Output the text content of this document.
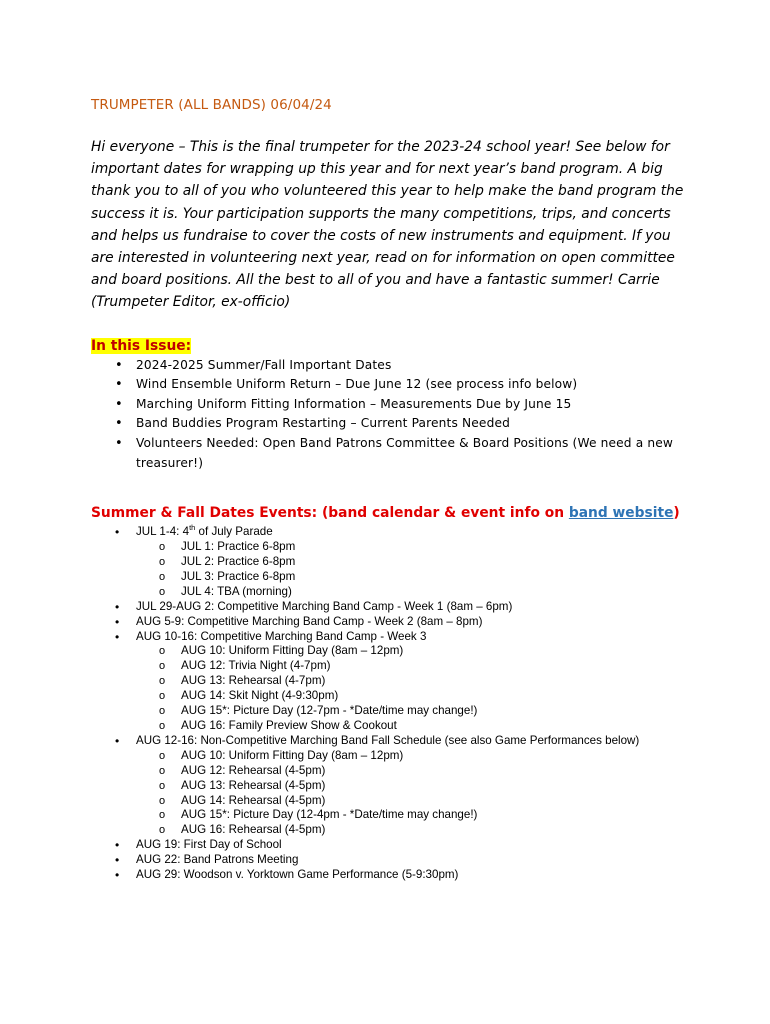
TRUMPETER (ALL BANDS) 06/04/24

Hi everyone – This is the final trumpeter for the 2023-24 school year! See below for important dates for wrapping up this year and for next year’s band program. A big thank you to all of you who volunteered this year to help make the band program the success it is. Your participation supports the many competitions, trips, and concerts and helps us fundraise to cover the costs of new instruments and equipment. If you are interested in volunteering next year, read on for information on open committee and board positions. All the best to all of you and have a fantastic summer! Carrie (Trumpeter Editor, ex-officio)
In this Issue:
• 2024-2025 Summer/Fall Important Dates
• Wind Ensemble Uniform Return – Due June 12 (see process info below)
• Marching Uniform Fitting Information – Measurements Due by June 15
• Band Buddies Program Restarting – Current Parents Needed
• Volunteers Needed: Open Band Patrons Committee & Board Positions (We need a new treasurer!)
Summer & Fall Dates Events: (band calendar & event info on band website)
• JUL 1-4: 4th of July Parade
o JUL 1: Practice 6-8pm
o JUL 2: Practice 6-8pm
o JUL 3: Practice 6-8pm
o JUL 4: TBA (morning)
• JUL 29-AUG 2: Competitive Marching Band Camp - Week 1 (8am – 6pm)
• AUG 5-9: Competitive Marching Band Camp - Week 2 (8am – 8pm)
• AUG 10-16: Competitive Marching Band Camp - Week 3
o AUG 10: Uniform Fitting Day (8am – 12pm)
o AUG 12: Trivia Night (4-7pm)
o AUG 13: Rehearsal (4-7pm)
o AUG 14: Skit Night (4-9:30pm)
o AUG 15*: Picture Day (12-7pm - *Date/time may change!)
o AUG 16: Family Preview Show & Cookout
• AUG 12-16: Non-Competitive Marching Band Fall Schedule (see also Game Performances below)
o AUG 10: Uniform Fitting Day (8am – 12pm)
o AUG 12: Rehearsal (4-5pm)
o AUG 13: Rehearsal (4-5pm)
o AUG 14: Rehearsal (4-5pm)
o AUG 15*: Picture Day (12-4pm - *Date/time may change!)
o AUG 16: Rehearsal (4-5pm)
• AUG 19: First Day of School
• AUG 22: Band Patrons Meeting
• AUG 29: Woodson v. Yorktown Game Performance (5-9:30pm)
